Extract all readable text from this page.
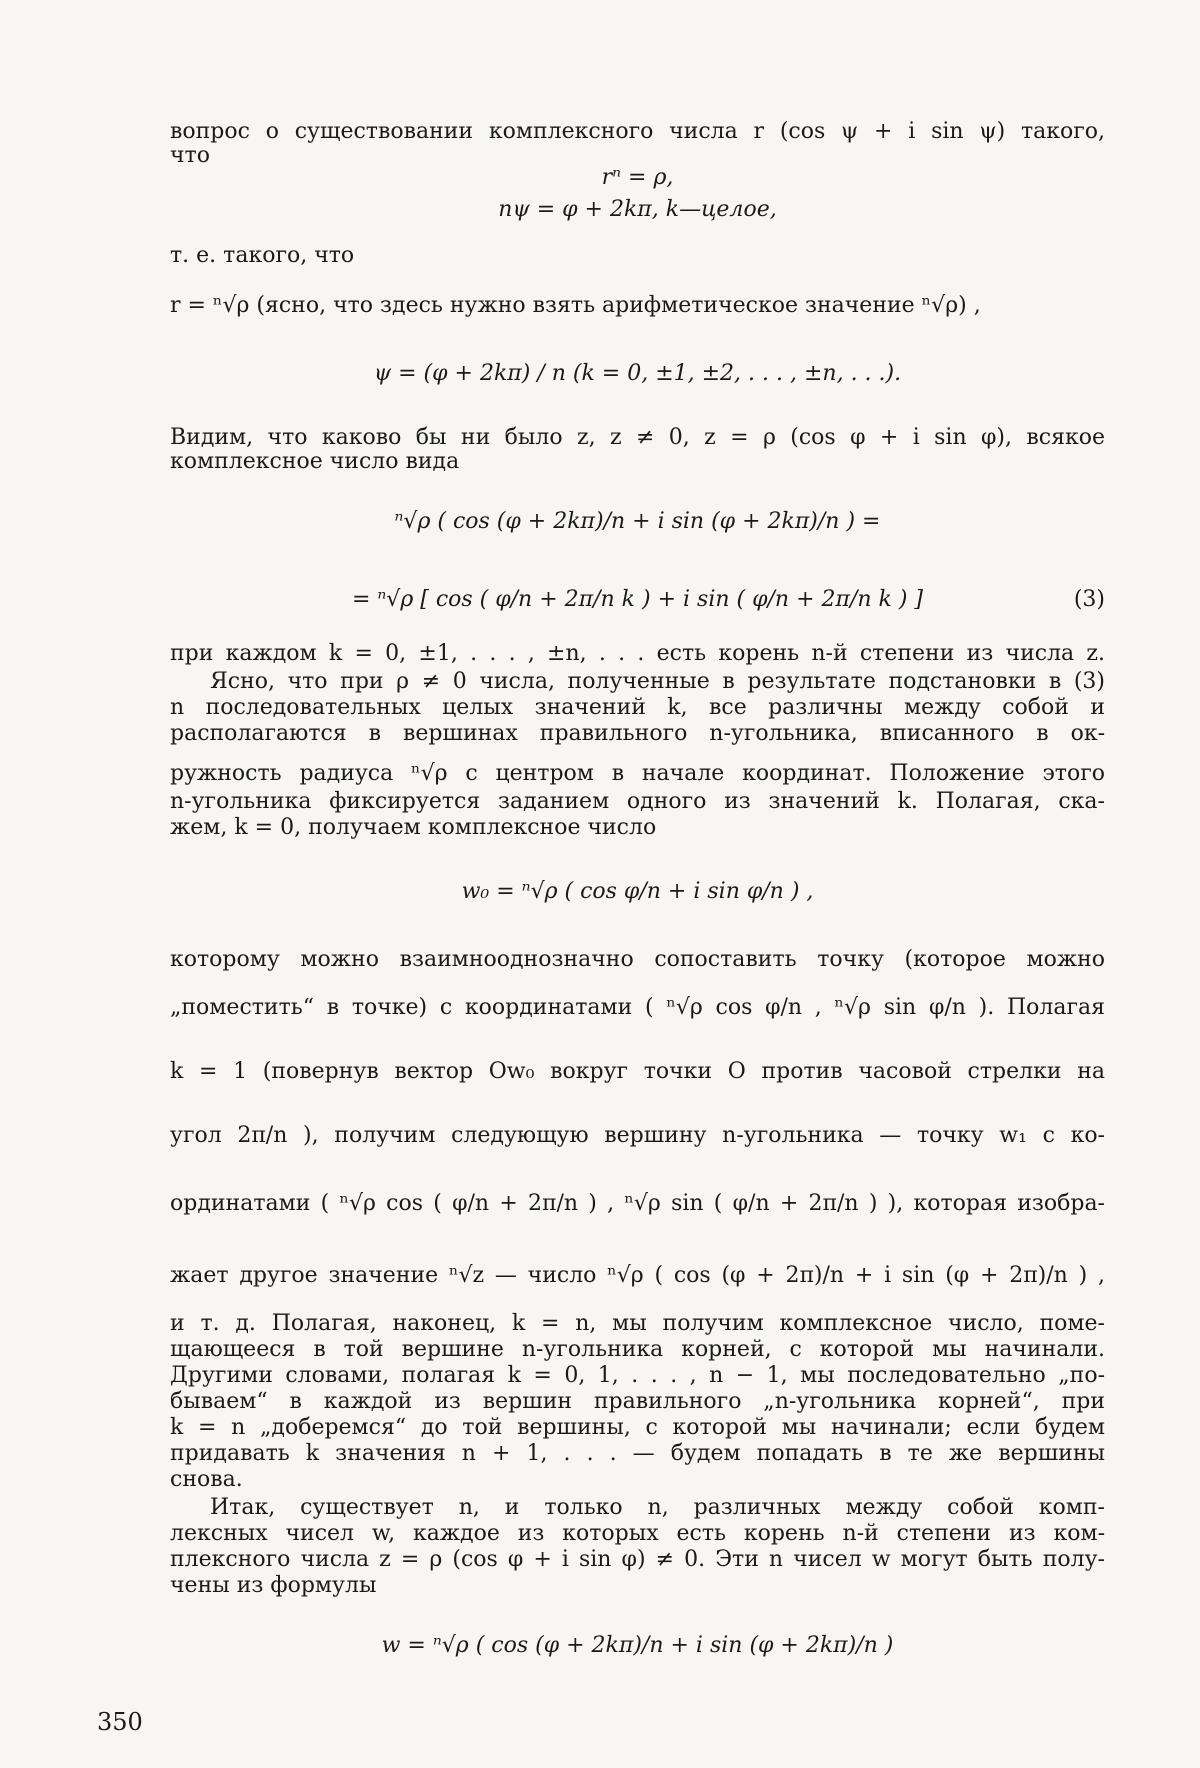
вопрос о существовании комплексного числа r (cos ψ + i sin ψ) такого,
что
rⁿ = ρ,
nψ = φ + 2kπ, k—целое,
т. е. такого, что
r = ⁿ√ρ (ясно, что здесь нужно взять арифметическое значение ⁿ√ρ) ,
ψ = (φ + 2kπ) / n (k = 0, ±1, ±2, . . . , ±n, . . .).
Видим, что каково бы ни было z, z ≠ 0, z = ρ (cos φ + i sin φ), всякое
комплексное число вида
ⁿ√ρ ( cos (φ + 2kπ)/n + i sin (φ + 2kπ)/n ) =
= ⁿ√ρ [ cos ( φ/n + 2π/n k ) + i sin ( φ/n + 2π/n k ) ]	(3)
при каждом k = 0, ±1, . . . , ±n, . . . есть корень n-й степени из числа z.
Ясно, что при ρ ≠ 0 числа, полученные в результате подстановки в (3)
n последовательных целых значений k, все различны между собой и
располагаются в вершинах правильного n-угольника, вписанного в ок-
ружность радиуса ⁿ√ρ с центром в начале координат. Положение этого
n-угольника фиксируется заданием одного из значений k. Полагая, ска-
жем, k = 0, получаем комплексное число
w₀ = ⁿ√ρ ( cos φ/n + i sin φ/n ) ,
которому можно взаимнооднозначно сопоставить точку (которое можно
„поместить“ в точке) с координатами ( ⁿ√ρ cos φ/n , ⁿ√ρ sin φ/n ). Полагая
k = 1 (повернув вектор Ow₀ вокруг точки O против часовой стрелки на
угол 2π/n ), получим следующую вершину n-угольника — точку w₁ с ко-
ординатами ( ⁿ√ρ cos ( φ/n + 2π/n ) , ⁿ√ρ sin ( φ/n + 2π/n ) ), которая изобра-
жает другое значение ⁿ√z — число ⁿ√ρ ( cos (φ + 2π)/n + i sin (φ + 2π)/n ) ,
и т. д. Полагая, наконец, k = n, мы получим комплексное число, поме-
щающееся в той вершине n-угольника корней, с которой мы начинали.
Другими словами, полагая k = 0, 1, . . . , n − 1, мы последовательно „по-
бываем“ в каждой из вершин правильного „n-угольника корней“, при
k = n „доберемся“ до той вершины, с которой мы начинали; если будем
придавать k значения n + 1, . . . — будем попадать в те же вершины
снова.
Итак, существует n, и только n, различных между собой комп-
лексных чисел w, каждое из которых есть корень n-й степени из ком-
плексного числа z = ρ (cos φ + i sin φ) ≠ 0. Эти n чисел w могут быть полу-
чены из формулы
w = ⁿ√ρ ( cos (φ + 2kπ)/n + i sin (φ + 2kπ)/n )
350
